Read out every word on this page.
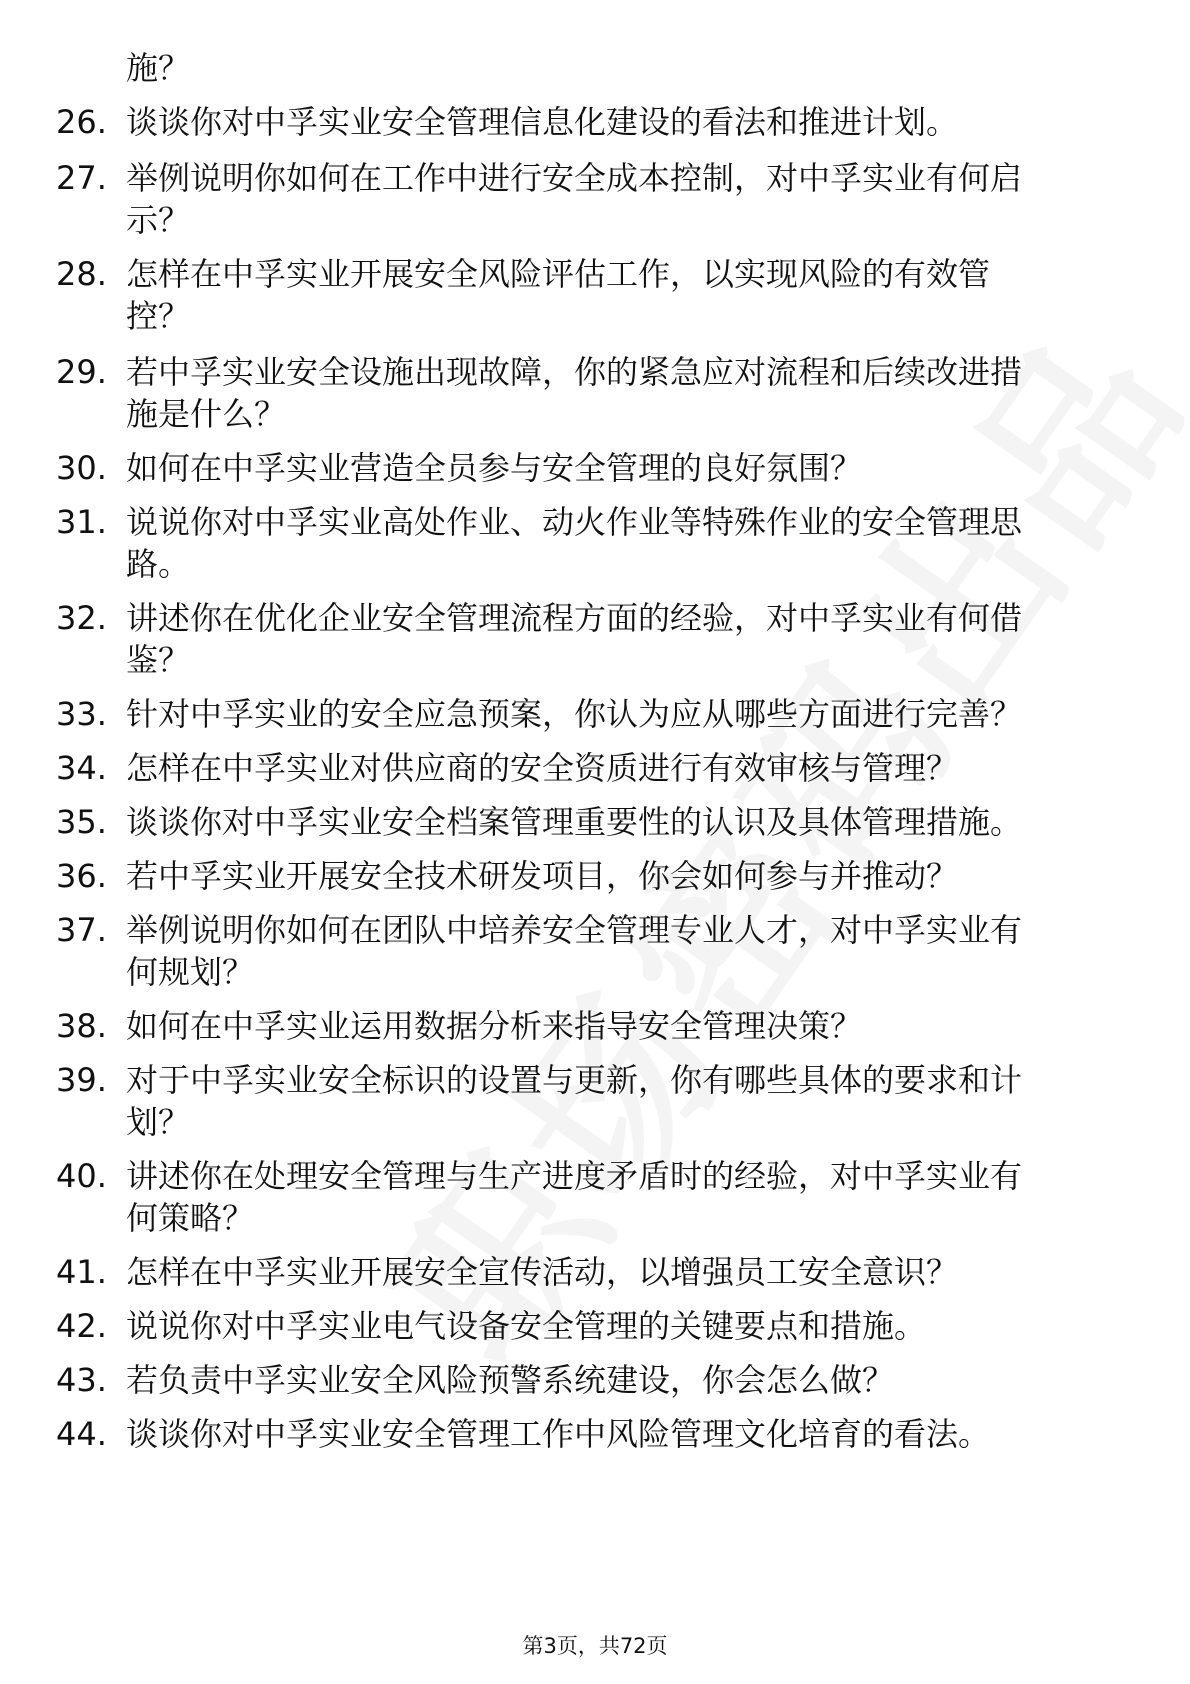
施？
26. 谈谈你对中孚实业安全管理信息化建设的看法和推进计划。
27. 举例说明你如何在工作中进行安全成本控制，对中孚实业有何启
示？
28. 怎样在中孚实业开展安全风险评估工作，以实现风险的有效管
控？
29. 若中孚实业安全设施出现故障，你的紧急应对流程和后续改进措
施是什么？
30. 如何在中孚实业营造全员参与安全管理的良好氛围？
31. 说说你对中孚实业高处作业、动火作业等特殊作业的安全管理思
路。
32. 讲述你在优化企业安全管理流程方面的经验，对中孚实业有何借
鉴？
33. 针对中孚实业的安全应急预案，你认为应从哪些方面进行完善？
34. 怎样在中孚实业对供应商的安全资质进行有效审核与管理？
35. 谈谈你对中孚实业安全档案管理重要性的认识及具体管理措施。
36. 若中孚实业开展安全技术研发项目，你会如何参与并推动？
37. 举例说明你如何在团队中培养安全管理专业人才，对中孚实业有
何规划？
38. 如何在中孚实业运用数据分析来指导安全管理决策？
39. 对于中孚实业安全标识的设置与更新，你有哪些具体的要求和计
划？
40. 讲述你在处理安全管理与生产进度矛盾时的经验，对中孚实业有
何策略？
41. 怎样在中孚实业开展安全宣传活动，以增强员工安全意识？
42. 说说你对中孚实业电气设备安全管理的关键要点和措施。
43. 若负责中孚实业安全风险预警系统建设，你会怎么做？
44. 谈谈你对中孚实业安全管理工作中风险管理文化培育的看法。
第3页，共72页
